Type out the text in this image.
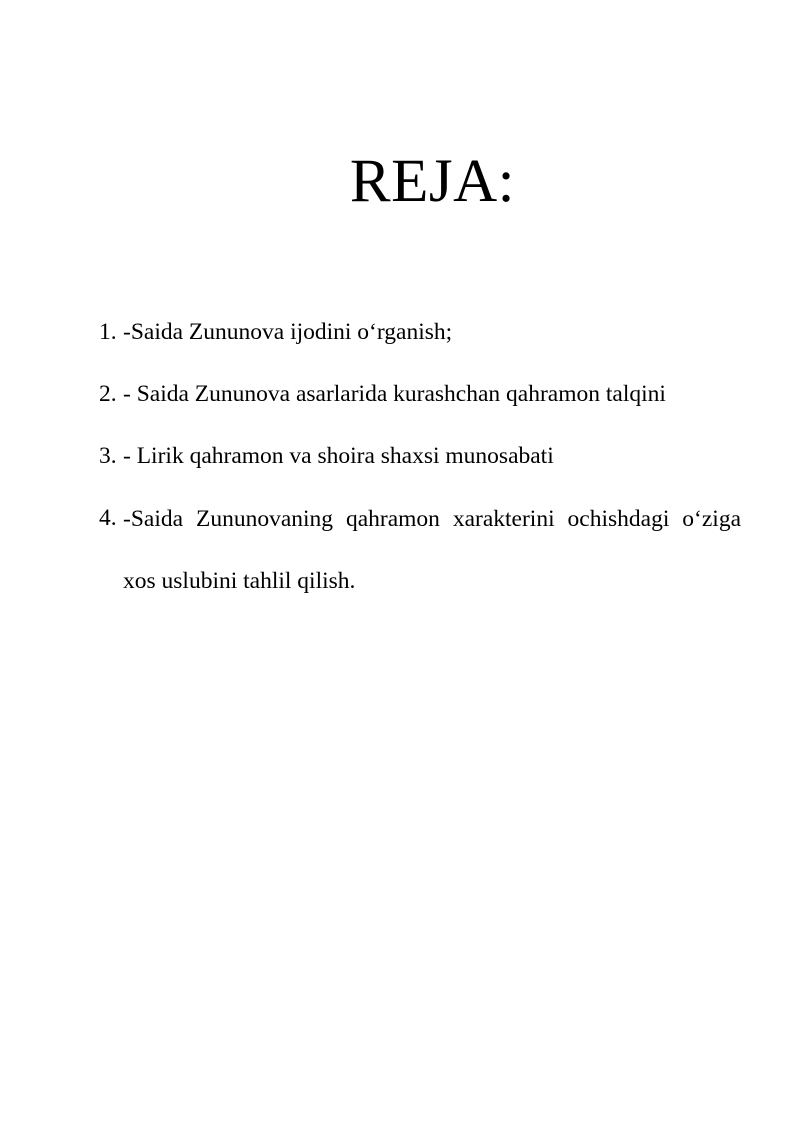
REJA:
1. -Saida Zununova ijodini o‘rganish;
2. - Saida Zununova asarlarida kurashchan qahramon talqini
3. - Lirik qahramon va shoira shaxsi munosabati
4. -Saida Zununovaning qahramon xarakterini ochishdagi o‘ziga xos uslubini tahlil qilish.
